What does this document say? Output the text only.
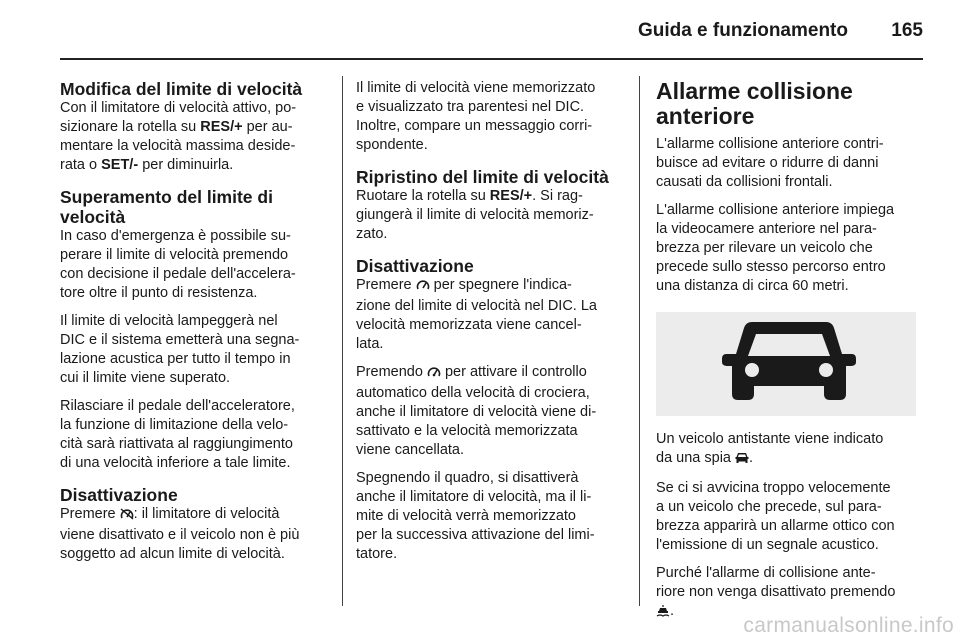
Guida e funzionamento 165
Modifica del limite di velocità

Con il limitatore di velocità attivo, po-
sizionare la rotella su RES/+ per au-
mentare la velocità massima deside-
rata o SET/- per diminuirla.

Superamento del limite di
velocità

In caso d'emergenza è possibile su-
perare il limite di velocità premendo
con decisione il pedale dell'accelera-
tore oltre il punto di resistenza.

Il limite di velocità lampeggerà nel
DIC e il sistema emetterà una segna-
lazione acustica per tutto il tempo in
cui il limite viene superato.

Rilasciare il pedale dell'acceleratore,
la funzione di limitazione della velo-
cità sarà riattivata al raggiungimento
di una velocità inferiore a tale limite.

Disattivazione

Premere : il limitatore di velocità
viene disattivato e il veicolo non è più
soggetto ad alcun limite di velocità.

Il limite di velocità viene memorizzato
e visualizzato tra parentesi nel DIC.
Inoltre, compare un messaggio corri-
spondente.

Ripristino del limite di velocità

Ruotare la rotella su RES/+. Si rag-
giungerà il limite di velocità memoriz-
zato.

Disattivazione

Premere  per spegnere l'indica-
zione del limite di velocità nel DIC. La
velocità memorizzata viene cancel-
lata.

Premendo  per attivare il controllo
automatico della velocità di crociera,
anche il limitatore di velocità viene di-
sattivato e la velocità memorizzata
viene cancellata.

Spegnendo il quadro, si disattiverà
anche il limitatore di velocità, ma il li-
mite di velocità verrà memorizzato
per la successiva attivazione del limi-
tatore.

Allarme collisione
anteriore

L'allarme collisione anteriore contri-
buisce ad evitare o ridurre di danni
causati da collisioni frontali.

L'allarme collisione anteriore impiega
la videocamere anteriore nel para-
brezza per rilevare un veicolo che
precede sullo stesso percorso entro
una distanza di circa 60 metri.

Un veicolo antistante viene indicato
da una spia .

Se ci si avvicina troppo velocemente
a un veicolo che precede, sul para-
brezza apparirà un allarme ottico con
l'emissione di un segnale acustico.

Purché l'allarme di collisione ante-
riore non venga disattivato premendo
.

carmanualsonline.info
